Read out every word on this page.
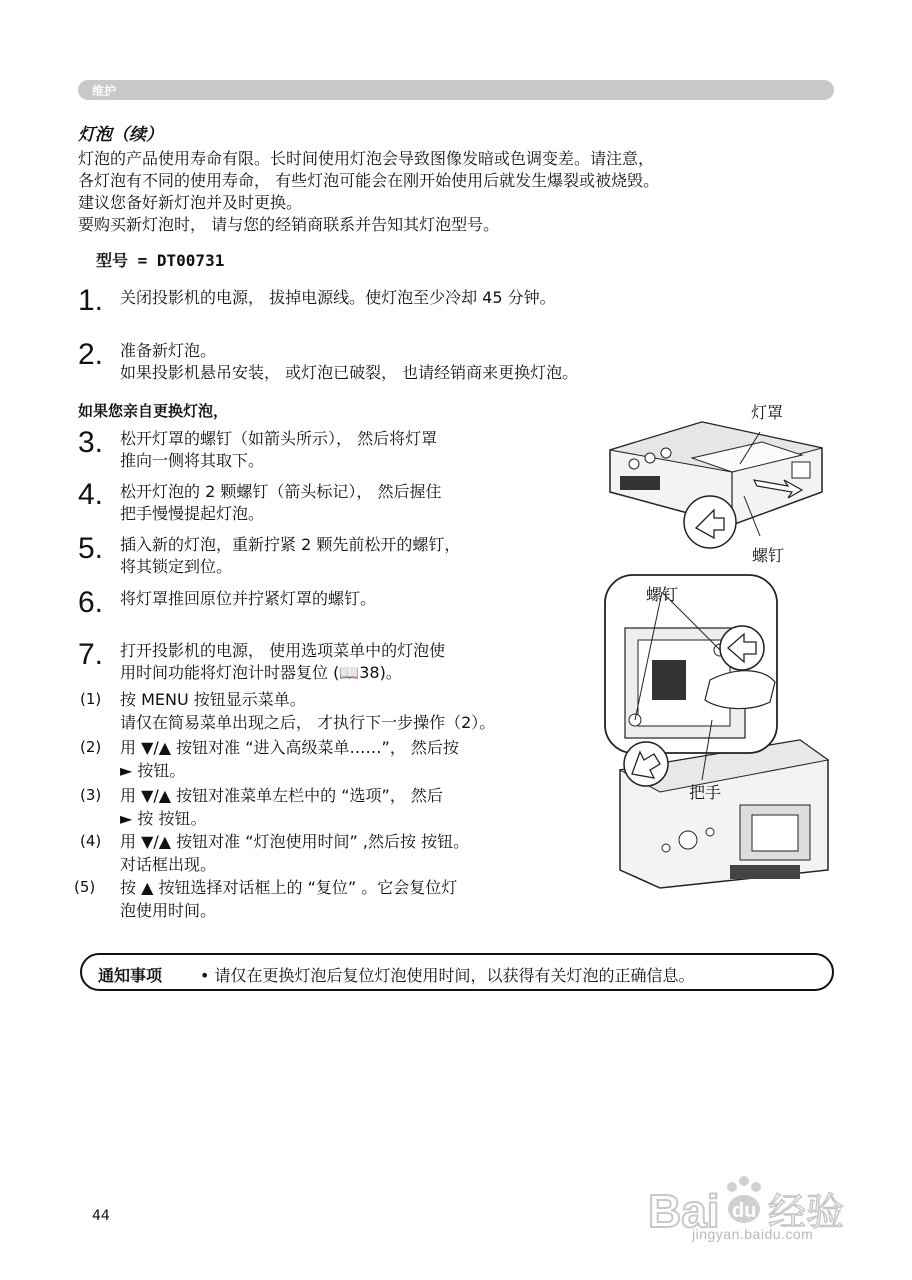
维护
灯泡（续）
灯泡的产品使用寿命有限。长时间使用灯泡会导致图像发暗或色调变差。请注意，
各灯泡有不同的使用寿命， 有些灯泡可能会在刚开始使用后就发生爆裂或被烧毁。
建议您备好新灯泡并及时更换。
要购买新灯泡时， 请与您的经销商联系并告知其灯泡型号。
型号 = DT00731
1. 关闭投影机的电源， 拔掉电源线。使灯泡至少冷却 45 分钟。
2. 准备新灯泡。
如果投影机悬吊安装， 或灯泡已破裂， 也请经销商来更换灯泡。
如果您亲自更换灯泡，
3. 松开灯罩的螺钉（如箭头所示）， 然后将灯罩
推向一侧将其取下。
4. 松开灯泡的 2 颗螺钉（箭头标记）， 然后握住
把手慢慢提起灯泡。
5. 插入新的灯泡，重新拧紧 2 颗先前松开的螺钉，
将其锁定到位。
6. 将灯罩推回原位并拧紧灯罩的螺钉。
7. 打开投影机的电源， 使用选项菜单中的灯泡使
用时间功能将灯泡计时器复位 (📖38)。
(1) 按 MENU 按钮显示菜单。
请仅在简易菜单出现之后， 才执行下一步操作（2）。
(2) 用 ▼/▲ 按钮对准 “进入高级菜单……”， 然后按
► 按钮。
(3) 用 ▼/▲ 按钮对准菜单左栏中的 “选项”， 然后
► 按 按钮。
(4) 用 ▼/▲ 按钮对准 “灯泡使用时间” ,然后按 按钮。
对话框出现。
(5) 按 ▲ 按钮选择对话框上的 “复位” 。它会复位灯
泡使用时间。
灯罩
螺钉
螺钉
把手
通知事项 • 请仅在更换灯泡后复位灯泡使用时间，以获得有关灯泡的正确信息。
44	Bai du 经验
jingyan.baidu.com
